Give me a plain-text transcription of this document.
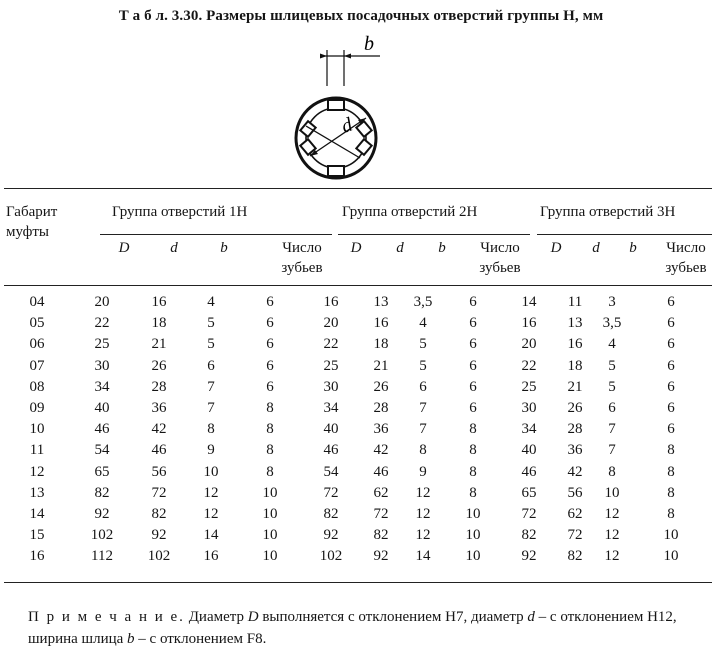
Т а б л. 3.30. Размеры шлицевых посадочных отверстий группы Н, мм
b
d
Габарит муфты
Группа отверстий 1Н	Группа отверстий 2Н	Группа отверстий 3Н
D	d	b	Число зубьев
D	d	b	Число зубьев
D	d	b	Число зубьев
04	20	16	4	6	16	13	3,5	6	14	11	3	6
05	22	18	5	6	20	16	4	6	16	13	3,5	6
06	25	21	5	6	22	18	5	6	20	16	4	6
07	30	26	6	6	25	21	5	6	22	18	5	6
08	34	28	7	6	30	26	6	6	25	21	5	6
09	40	36	7	8	34	28	7	6	30	26	6	6
10	46	42	8	8	40	36	7	8	34	28	7	6
11	54	46	9	8	46	42	8	8	40	36	7	8
12	65	56	10	8	54	46	9	8	46	42	8	8
13	82	72	12	10	72	62	12	8	65	56	10	8
14	92	82	12	10	82	72	12	10	72	62	12	8
15	102	92	14	10	92	82	12	10	82	72	12	10
16	112	102	16	10	102	92	14	10	92	82	12	10
П р и м е ч а н и е. Диаметр D выполняется с отклонением Н7, диаметр d – с отклонением Н12, ширина шлица b – с отклонением F8.
